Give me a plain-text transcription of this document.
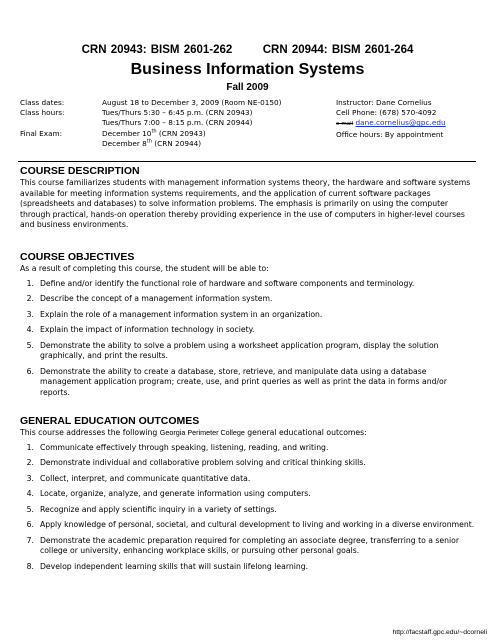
CRN 20943: BISM 2601-262	CRN 20944: BISM 2601-264
Business Information Systems
Fall 2009
Class dates:	August 18 to December 3, 2009 (Room NE-0150)
Class hours:	Tues/Thurs 5:30 – 6:45 p.m. (CRN 20943)
Tues/Thurs 7:00 – 8:15 p.m. (CRN 20944)
Final Exam:	December 10th (CRN 20943)
December 8th (CRN 20944)
Instructor: Dane Cornelius
Cell Phone: (678) 570-4092
e-mail dane.cornelius@gpc.edu
Office hours: By appointment
COURSE DESCRIPTION

This course familiarizes students with management information systems theory, the hardware and software systems available for meeting information systems requirements, and the application of current software packages (spreadsheets and databases) to solve information problems. The emphasis is primarily on using the computer through practical, hands-on operation thereby providing experience in the use of computers in higher-level courses and business environments.

COURSE OBJECTIVES

As a result of completing this course, the student will be able to:

1. Define and/or identify the functional role of hardware and software components and terminology.
2. Describe the concept of a management information system.
3. Explain the role of a management information system in an organization.
4. Explain the impact of information technology in society.
5. Demonstrate the ability to solve a problem using a worksheet application program, display the solution graphically, and print the results.
6. Demonstrate the ability to create a database, store, retrieve, and manipulate data using a database management application program; create, use, and print queries as well as print the data in forms and/or reports.
GENERAL EDUCATION OUTCOMES

This course addresses the following Georgia Perimeter College general educational outcomes:

1. Communicate effectively through speaking, listening, reading, and writing.
2. Demonstrate individual and collaborative problem solving and critical thinking skills.
3. Collect, interpret, and communicate quantitative data.
4. Locate, organize, analyze, and generate information using computers.
5. Recognize and apply scientific inquiry in a variety of settings.
6. Apply knowledge of personal, societal, and cultural development to living and working in a diverse environment.
7. Demonstrate the academic preparation required for completing an associate degree, transferring to a senior college or university, enhancing workplace skills, or pursuing other personal goals.
8. Develop independent learning skills that will sustain lifelong learning.
http://facstaff.gpc.edu/~dcorneli
